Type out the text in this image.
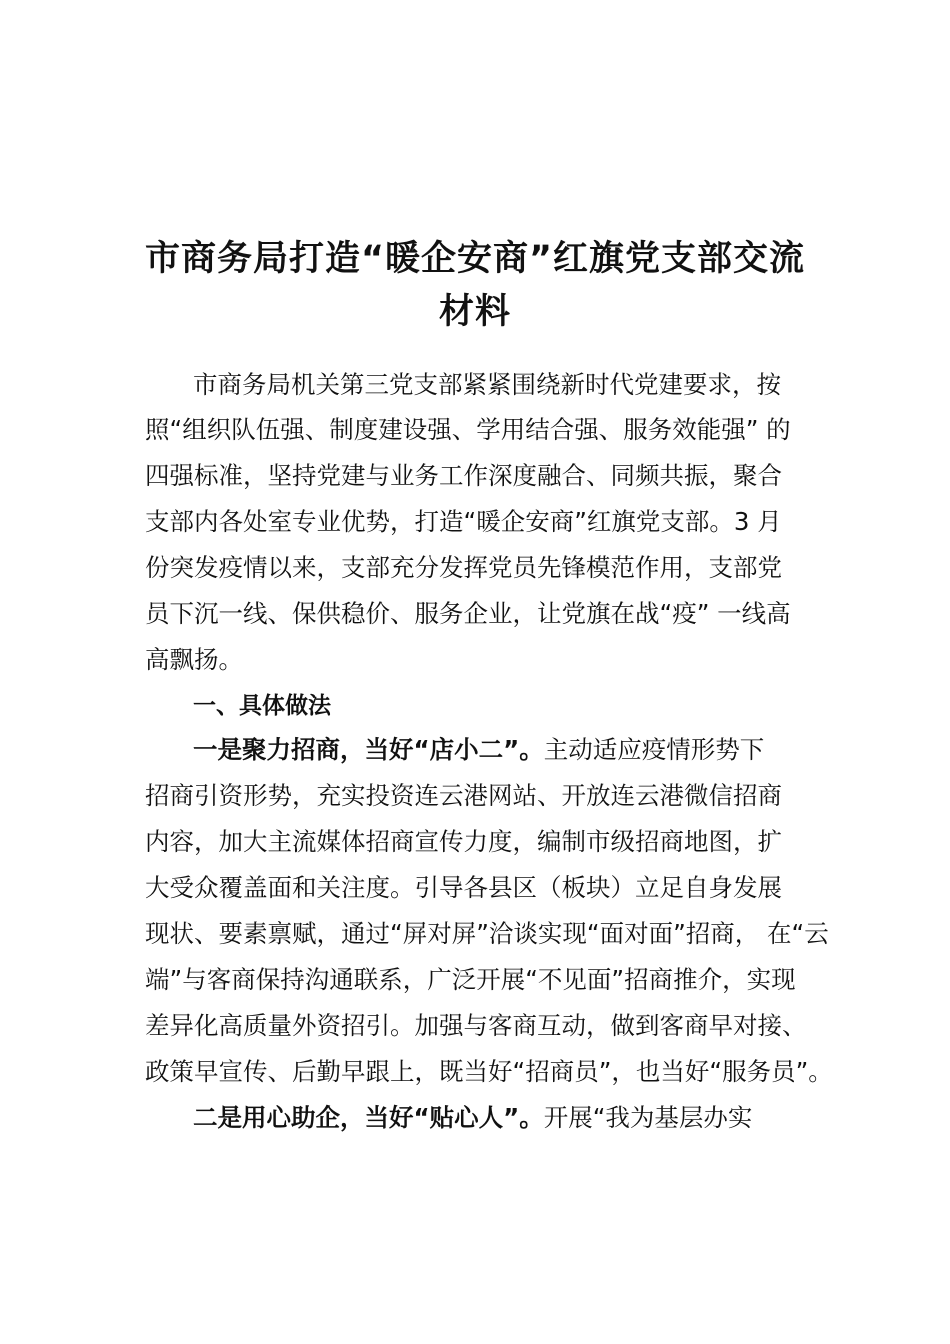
市商务局打造“暖企安商”红旗党支部交流
材料

市商务局机关第三党支部紧紧围绕新时代党建要求，按

照“组织队伍强、制度建设强、学用结合强、服务效能强” 的

四强标准，坚持党建与业务工作深度融合、同频共振，聚合

支部内各处室专业优势，打造“暖企安商”红旗党支部。3 月

份突发疫情以来，支部充分发挥党员先锋模范作用，支部党

员下沉一线、保供稳价、服务企业，让党旗在战“疫” 一线高

高飘扬。

一、具体做法

一是聚力招商，当好“店小二”。主动适应疫情形势下

招商引资形势，充实投资连云港网站、开放连云港微信招商

内容，加大主流媒体招商宣传力度，编制市级招商地图，扩

大受众覆盖面和关注度。引导各县区（板块）立足自身发展

现状、要素禀赋，通过“屏对屏”洽谈实现“面对面”招商， 在“云

端”与客商保持沟通联系，广泛开展“不见面”招商推介，实现

差异化高质量外资招引。加强与客商互动，做到客商早对接、

政策早宣传、后勤早跟上，既当好“招商员”，也当好“服务员”。

二是用心助企，当好“贴心人”。开展“我为基层办实
